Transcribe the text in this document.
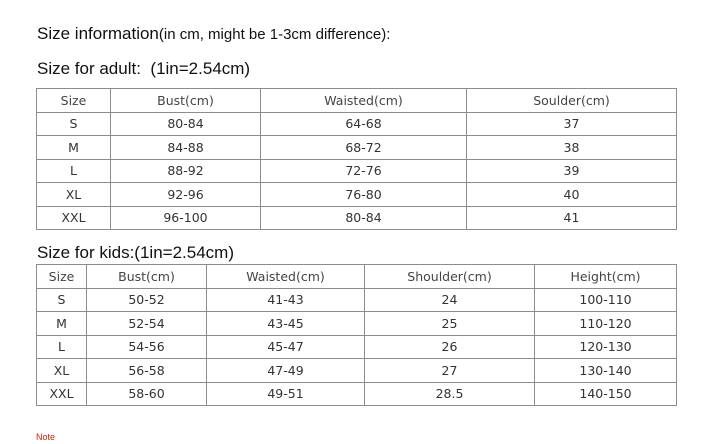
Size information(in cm, might be 1-3cm difference):
Size for adult: (1in=2.54cm)
Size	Bust(cm)	Waisted(cm)	Soulder(cm)
S	80-84	64-68	37
M	84-88	68-72	38
L	88-92	72-76	39
XL	92-96	76-80	40
XXL	96-100	80-84	41
Size for kids:(1in=2.54cm)
Size	Bust(cm)	Waisted(cm)	Shoulder(cm)	Height(cm)
S	50-52	41-43	24	100-110
M	52-54	43-45	25	110-120
L	54-56	45-47	26	120-130
XL	56-58	47-49	27	130-140
XXL	58-60	49-51	28.5	140-150
Note
